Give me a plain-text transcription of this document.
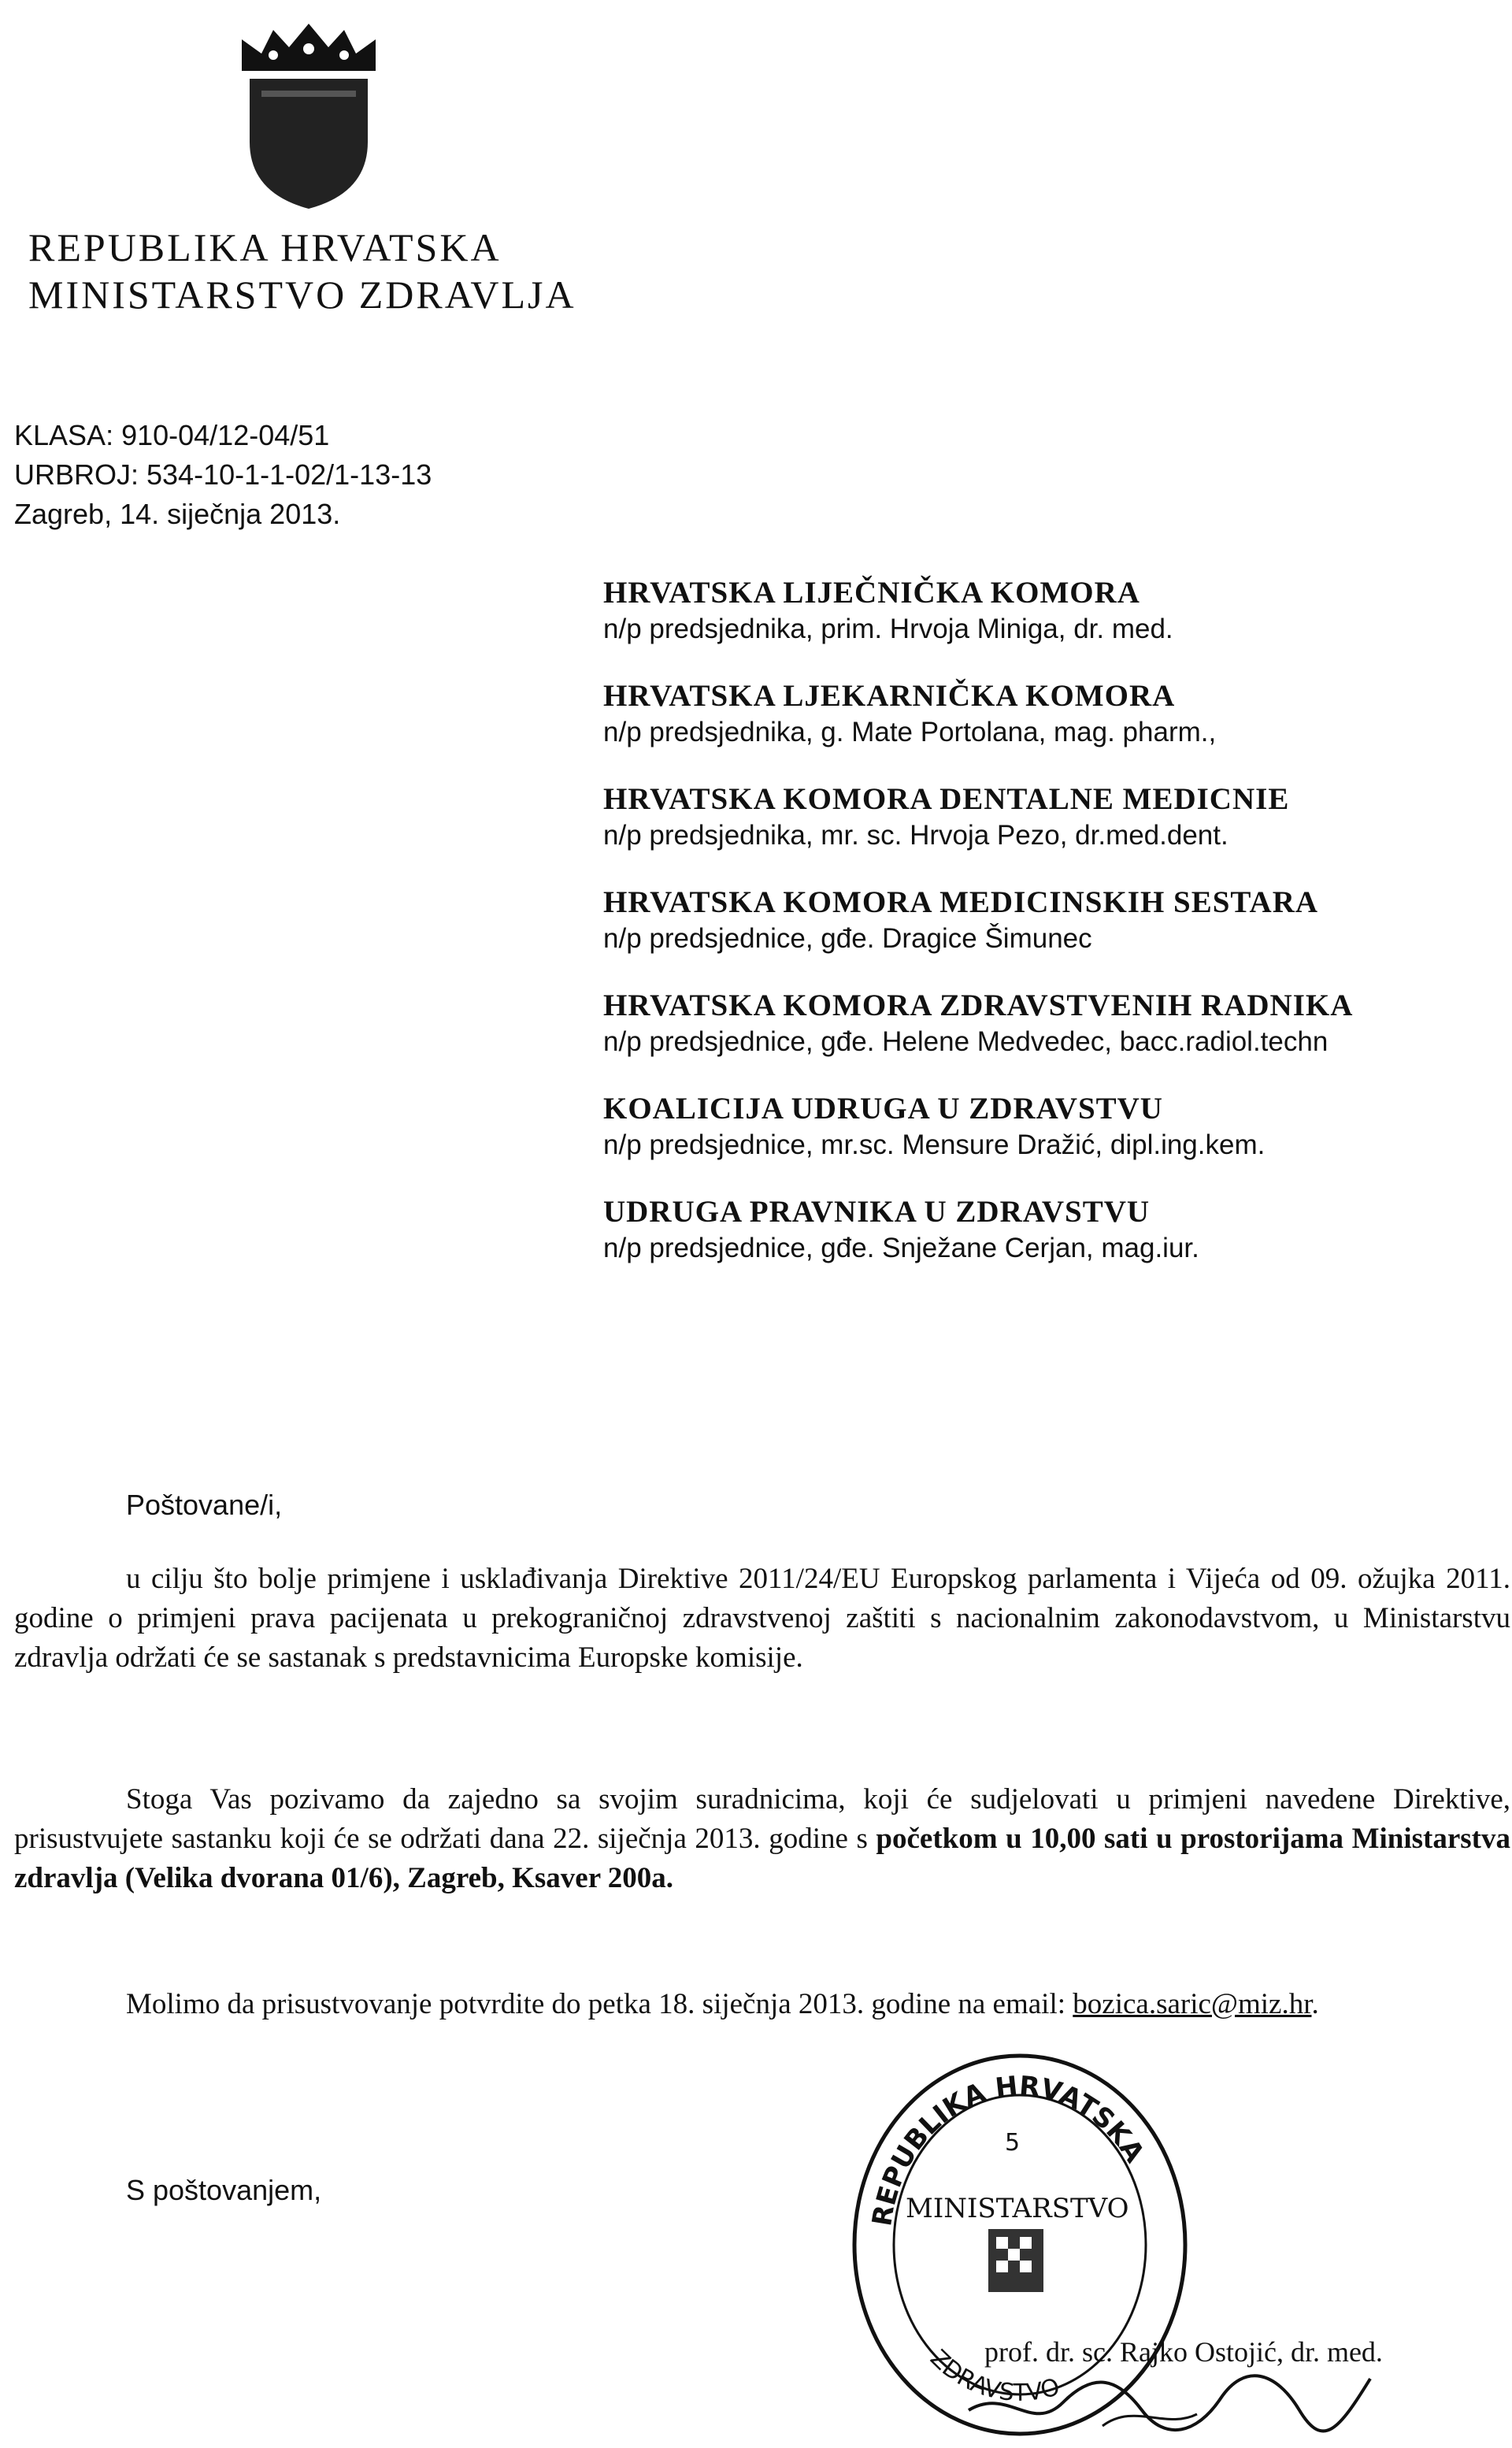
REPUBLIKA HRVATSKA
MINISTARSTVO ZDRAVLJA
KLASA: 910-04/12-04/51
URBROJ: 534-10-1-1-02/1-13-13
Zagreb, 14. siječnja 2013.
HRVATSKA LIJEČNIČKA KOMORA
n/p predsjednika, prim. Hrvoja Miniga, dr. med.
HRVATSKA LJEKARNIČKA KOMORA
n/p predsjednika, g. Mate Portolana, mag. pharm.,
HRVATSKA KOMORA DENTALNE MEDICNIE
n/p predsjednika, mr. sc. Hrvoja Pezo, dr.med.dent.
HRVATSKA KOMORA MEDICINSKIH SESTARA
n/p predsjednice, gđe. Dragice Šimunec
HRVATSKA KOMORA ZDRAVSTVENIH RADNIKA
n/p predsjednice, gđe. Helene Medvedec, bacc.radiol.techn
KOALICIJA UDRUGA U ZDRAVSTVU
n/p predsjednice, mr.sc. Mensure Dražić, dipl.ing.kem.
UDRUGA PRAVNIKA U ZDRAVSTVU
n/p predsjednice, gđe. Snježane Cerjan, mag.iur.
Poštovane/i,
u cilju što bolje primjene i usklađivanja Direktive 2011/24/EU Europskog parlamenta i Vijeća od 09. ožujka 2011. godine o primjeni prava pacijenata u prekograničnoj zdravstvenoj zaštiti s nacionalnim zakonodavstvom, u Ministarstvu zdravlja održati će se sastanak s predstavnicima Europske komisije.
Stoga Vas pozivamo da zajedno sa svojim suradnicima, koji će sudjelovati u primjeni navedene Direktive, prisustvujete sastanku koji će se održati dana 22. siječnja 2013. godine s početkom u 10,00 sati u prostorijama Ministarstva zdravlja (Velika dvorana 01/6), Zagreb, Ksaver 200a.
Molimo da prisustvovanje potvrdite do petka 18. siječnja 2013. godine na email: bozica.saric@miz.hr.
S poštovanjem,
REPUBLIKA HRVATSKA
5
MINISTARSTVO
ZDRAVSTVO
prof. dr. sc. Rajko Ostojić, dr. med.
